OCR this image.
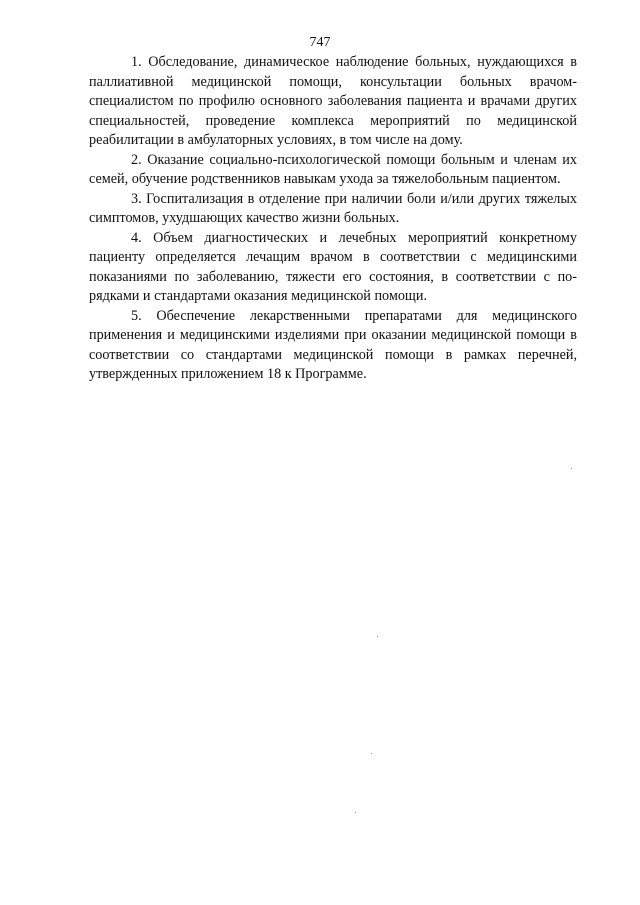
747

1. Обследование, динамическое наблюдение больных, нуждающихся в паллиативной медицинской помощи, консультации больных врачом-специалистом по профилю основного заболевания пациента и врачами других специальностей, проведение комплекса мероприятий по медицинской реабилитации в амбулаторных условиях, в том числе на дому.

2. Оказание социально-психологической помощи больным и членам их семей, обучение родственников навыкам ухода за тяжелобольным пациентом.

3. Госпитализация в отделение при наличии боли и/или других тяжелых симптомов, ухудшающих качество жизни больных.

4. Объем диагностических и лечебных мероприятий конкретному пациенту определяется лечащим врачом в соответствии с медицинскими показаниями по заболеванию, тяжести его состояния, в соответствии с порядками и стандартами оказания медицинской помощи.

5. Обеспечение лекарственными препаратами для медицинского применения и медицинскими изделиями при оказании медицинской помощи в соответствии со стандартами медицинской помощи в рамках перечней, утвержденных приложением 18 к Программе.
